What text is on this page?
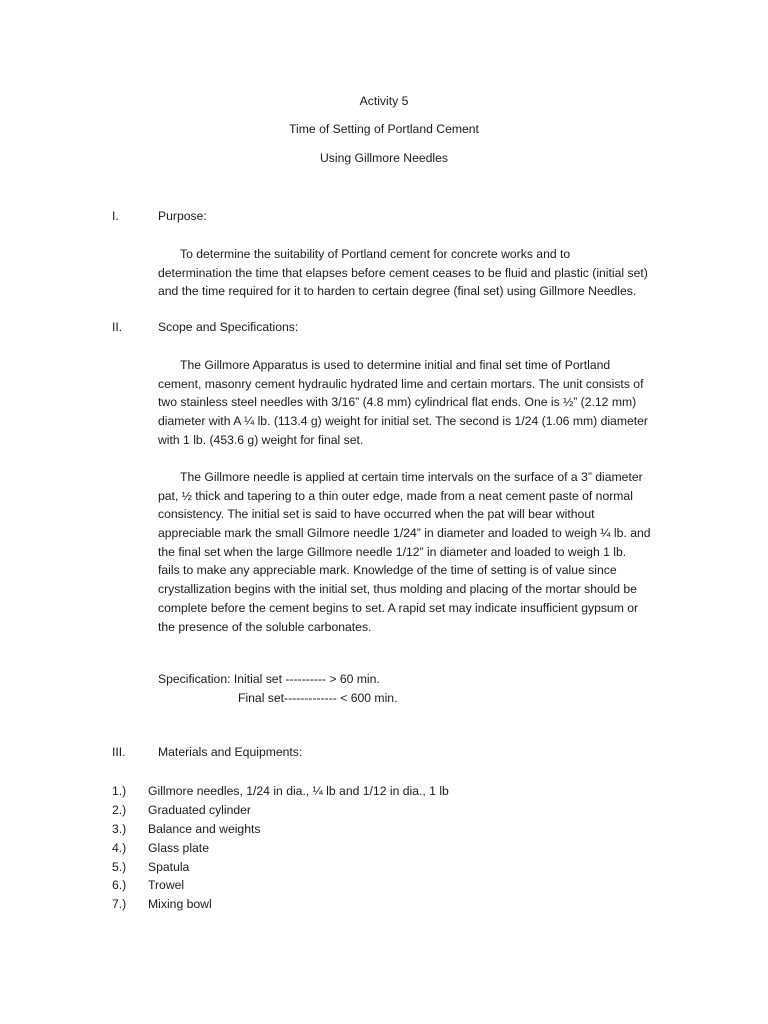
Activity 5
Time of Setting of Portland Cement
Using Gillmore Needles
I.	Purpose:
To determine the suitability of Portland cement for concrete works and to
determination the time that elapses before cement ceases to be fluid and plastic (initial set)
and the time required for it to harden to certain degree (final set) using Gillmore Needles.
II.	Scope and Specifications:
The Gillmore Apparatus is used to determine initial and final set time of Portland
cement, masonry cement hydraulic hydrated lime and certain mortars. The unit consists of
two stainless steel needles with 3/16” (4.8 mm) cylindrical flat ends. One is ½” (2.12 mm)
diameter with A ¼ lb. (113.4 g) weight for initial set. The second is 1/24 (1.06 mm) diameter
with 1 lb. (453.6 g) weight for final set.
The Gillmore needle is applied at certain time intervals on the surface of a 3” diameter
pat, ½ thick and tapering to a thin outer edge, made from a neat cement paste of normal
consistency. The initial set is said to have occurred when the pat will bear without
appreciable mark the small Gilmore needle 1/24” in diameter and loaded to weigh ¼ lb. and
the final set when the large Gillmore needle 1/12” in diameter and loaded to weigh 1 lb.
fails to make any appreciable mark. Knowledge of the time of setting is of value since
crystallization begins with the initial set, thus molding and placing of the mortar should be
complete before the cement begins to set. A rapid set may indicate insufficient gypsum or
the presence of the soluble carbonates.
Specification: Initial set ---------- > 60 min.
Final set------------- < 600 min.
III.	Materials and Equipments:
1.) Gillmore needles, 1/24 in dia., ¼ lb and 1/12 in dia., 1 lb
2.) Graduated cylinder
3.) Balance and weights
4.) Glass plate
5.) Spatula
6.) Trowel
7.) Mixing bowl
